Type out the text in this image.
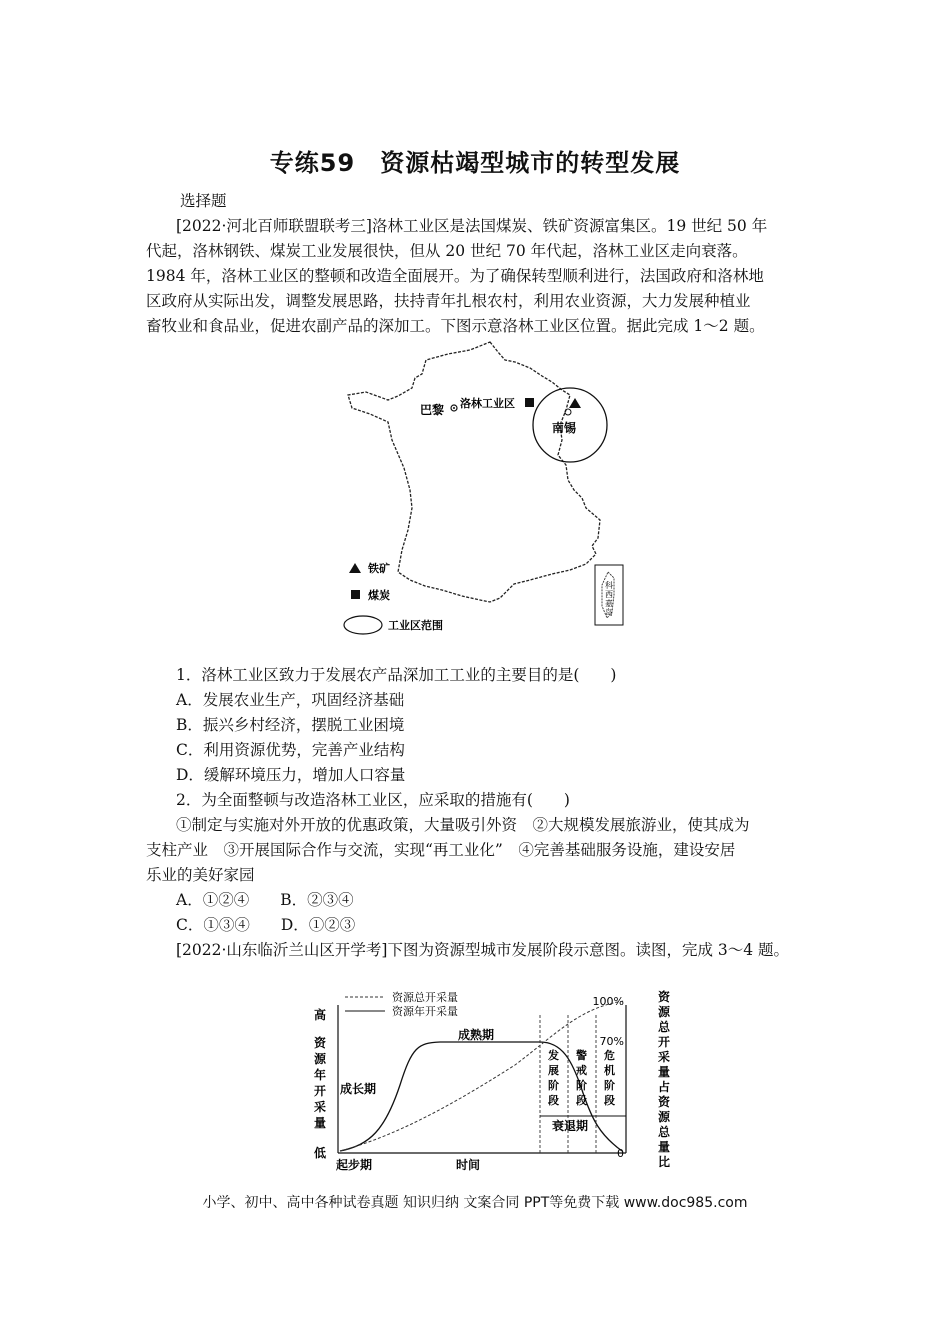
专练59　资源枯竭型城市的转型发展
选择题
[2022·河北百师联盟联考三]洛林工业区是法国煤炭、铁矿资源富集区。19 世纪 50 年
代起，洛林钢铁、煤炭工业发展很快，但从 20 世纪 70 年代起，洛林工业区走向衰落。
1984 年，洛林工业区的整顿和改造全面展开。为了确保转型顺利进行，法国政府和洛林地
区政府从实际出发，调整发展思路，扶持青年扎根农村，利用农业资源，大力发展种植业
畜牧业和食品业，促进农副产品的深加工。下图示意洛林工业区位置。据此完成 1～2 题。
巴黎 洛林工业区
南锡
科西嘉岛
铁矿
煤炭
工业区范围
1．洛林工业区致力于发展农产品深加工工业的主要目的是(　　)
A．发展农业生产，巩固经济基础
B．振兴乡村经济，摆脱工业困境
C．利用资源优势，完善产业结构
D．缓解环境压力，增加人口容量
2．为全面整顿与改造洛林工业区，应采取的措施有(　　)
①制定与实施对外开放的优惠政策，大量吸引外资　②大规模发展旅游业，使其成为
支柱产业　③开展国际合作与交流，实现“再工业化”　④完善基础服务设施，建设安居
乐业的美好家园
A．①②④　　B．②③④
C．①③④　　D．①②③
[2022·山东临沂兰山区开学考]下图为资源型城市发展阶段示意图。读图，完成 3～4 题。
资源总开采量
资源年开采量
高
低
资源年开采量
100%
70%
0
资源总开采量占资源总量比
成长期
成熟期
起步期	时间
衰退期
发展阶段
警戒阶段
危机阶段
小学、初中、高中各种试卷真题 知识归纳 文案合同 PPT等免费下载 www.doc985.com
